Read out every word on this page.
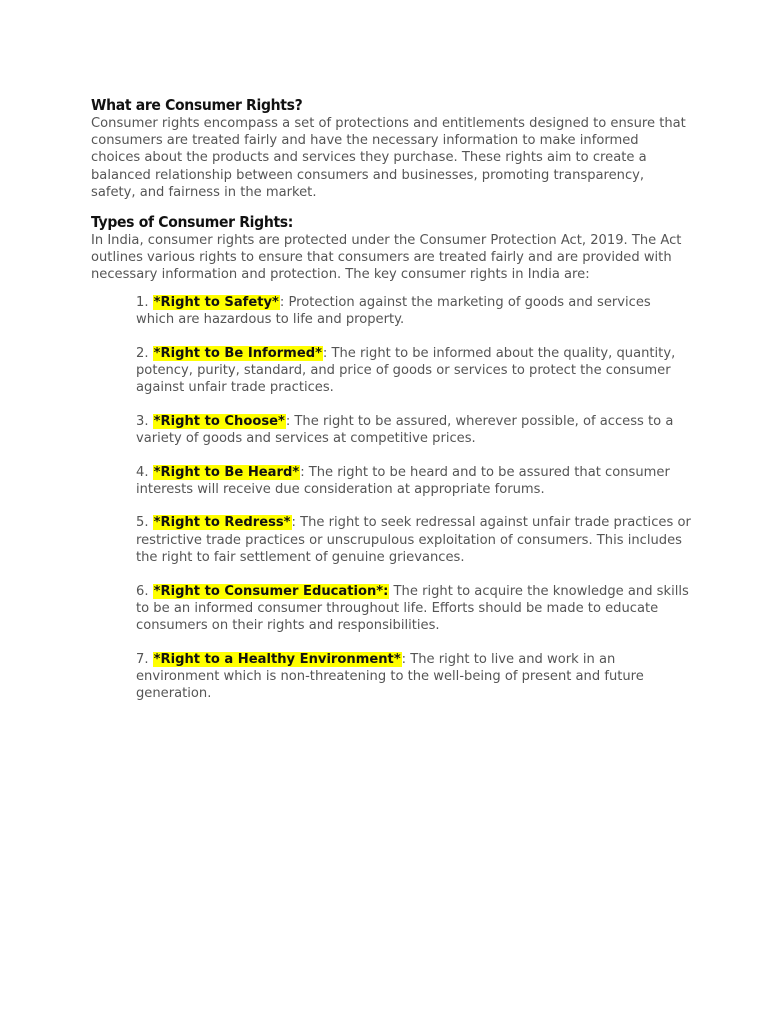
What are Consumer Rights?

Consumer rights encompass a set of protections and entitlements designed to ensure that consumers are treated fairly and have the necessary information to make informed choices about the products and services they purchase. These rights aim to create a balanced relationship between consumers and businesses, promoting transparency, safety, and fairness in the market.

Types of Consumer Rights:

In India, consumer rights are protected under the Consumer Protection Act, 2019. The Act outlines various rights to ensure that consumers are treated fairly and are provided with necessary information and protection. The key consumer rights in India are:

1. *Right to Safety*: Protection against the marketing of goods and services which are hazardous to life and property.
2. *Right to Be Informed*: The right to be informed about the quality, quantity, potency, purity, standard, and price of goods or services to protect the consumer against unfair trade practices.
3. *Right to Choose*: The right to be assured, wherever possible, of access to a variety of goods and services at competitive prices.
4. *Right to Be Heard*: The right to be heard and to be assured that consumer interests will receive due consideration at appropriate forums.
5. *Right to Redress*: The right to seek redressal against unfair trade practices or restrictive trade practices or unscrupulous exploitation of consumers. This includes the right to fair settlement of genuine grievances.
6. *Right to Consumer Education*: The right to acquire the knowledge and skills to be an informed consumer throughout life. Efforts should be made to educate consumers on their rights and responsibilities.
7. *Right to a Healthy Environment*: The right to live and work in an environment which is non-threatening to the well-being of present and future generation.
